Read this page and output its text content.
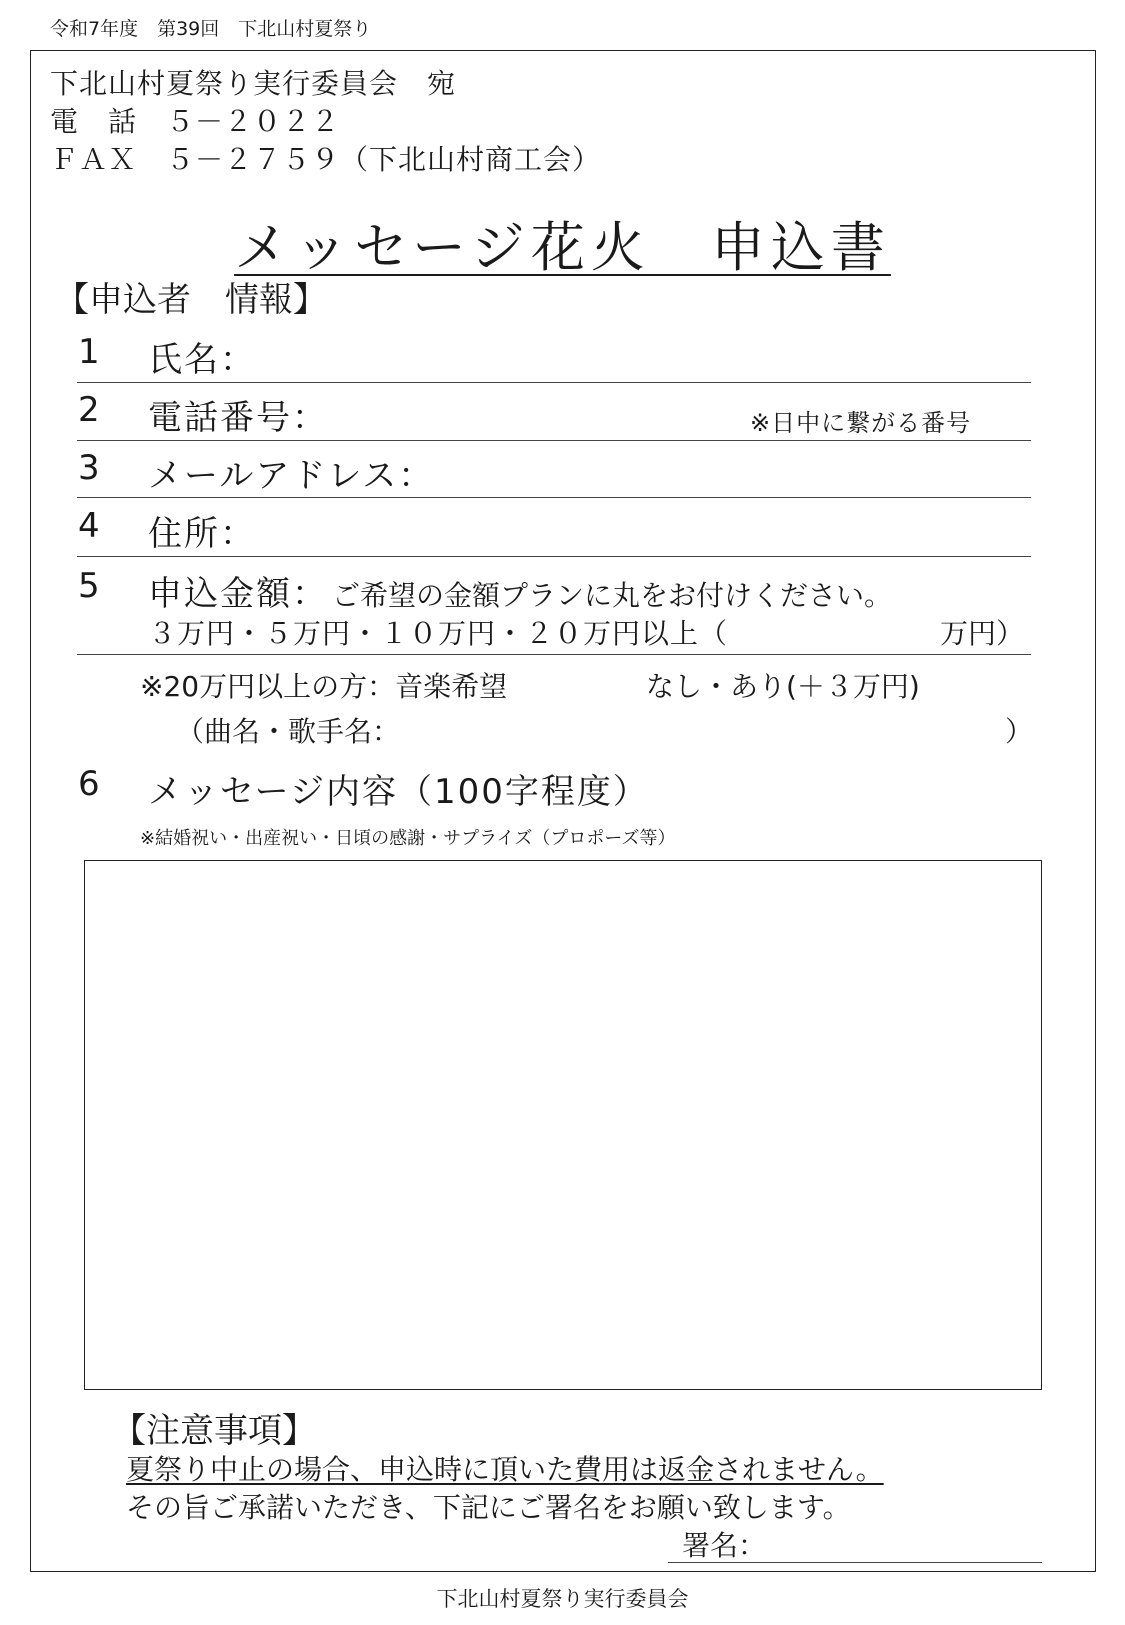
令和7年度　第39回　下北山村夏祭り
下北山村夏祭り実行委員会　宛
電　話　５－２０２２
ＦＡＸ　５－２７５９（下北山村商工会）
メッセージ花火　申込書
【申込者　情報】
1 氏名：
2 電話番号：	※日中に繋がる番号
3 メールアドレス：
4 住所：
5 申込金額： ご希望の金額プランに丸をお付けください。
３万円・５万円・１０万円・２０万円以上（	万円）
※20万円以上の方：音楽希望	なし・あり(＋３万円)
（曲名・歌手名：	）
6 メッセージ内容（100字程度）
※結婚祝い・出産祝い・日頃の感謝・サプライズ（プロポーズ等）
【注意事項】
夏祭り中止の場合、申込時に頂いた費用は返金されません。
その旨ご承諾いただき、下記にご署名をお願い致します。
署名：
下北山村夏祭り実行委員会
